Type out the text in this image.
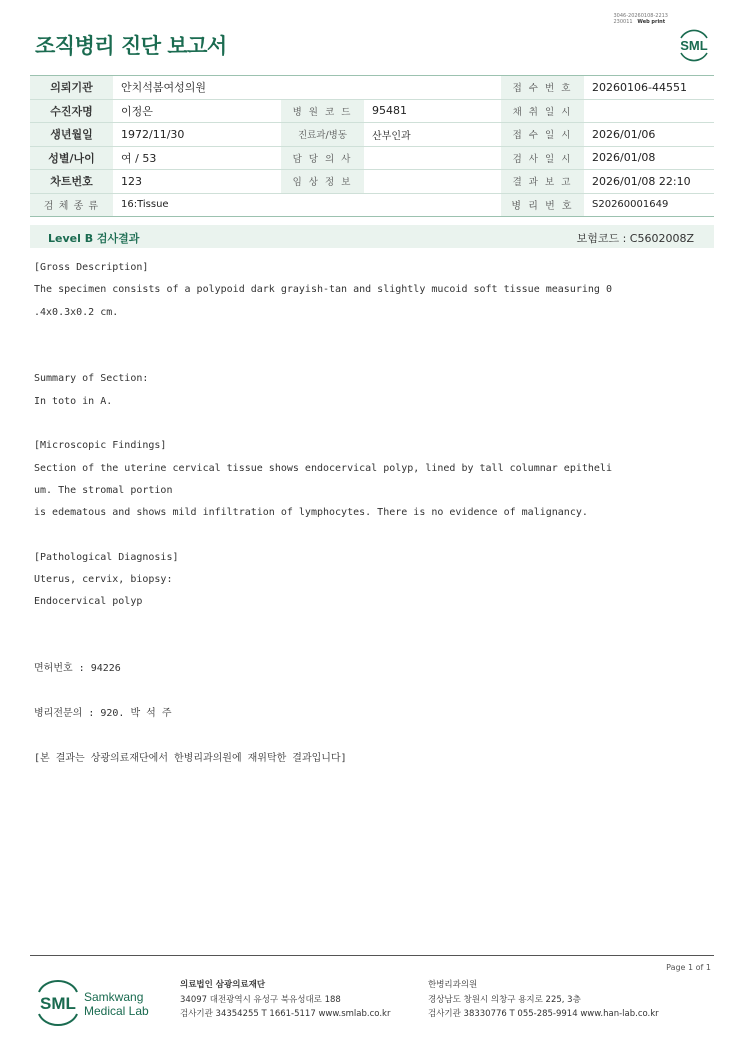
3046-20260108-2213
230011 Web print
조직병리 진단 보고서	SML
의뢰기관	안치석봄여성의원			접 수 번 호	20260106-44551
수진자명	이정은	병 원 코 드	95481	채 취 일 시	
생년월일	1972/11/30	진료과/병동	산부인과	접 수 일 시	2026/01/06
성별/나이	여 / 53	담 당 의 사		검 사 일 시	2026/01/08
차트번호	123	임 상 정 보		결 과 보 고	2026/01/08 22:10
검 체 종 류	16:Tissue			병 리 번 호	S20260001649
Level B 검사결과	보험코드 : C5602008Z
[Gross Description]
The specimen consists of a polypoid dark grayish-tan and slightly mucoid soft tissue measuring 0
.4x0.3x0.2 cm.
Summary of Section:
In toto in A.
[Microscopic Findings]
Section of the uterine cervical tissue shows endocervical polyp, lined by tall columnar epitheli
um. The stromal portion
is edematous and shows mild infiltration of lymphocytes. There is no evidence of malignancy.
[Pathological Diagnosis]
Uterus, cervix, biopsy:
Endocervical polyp
면허번호 : 94226
병리전문의 : 920. 박 석 주
[본 결과는 상광의료재단에서 한병리과의원에 재위탁한 결과입니다]
Page 1 of 1
SML Samkwang
Medical Lab
의료법인 삼광의료재단
34097 대전광역시 유성구 북유성대로 188
검사기관 34354255 T 1661-5117 www.smlab.co.kr
한병리과의원
경상남도 창원시 의창구 용지로 225, 3층
검사기관 38330776 T 055-285-9914 www.han-lab.co.kr
